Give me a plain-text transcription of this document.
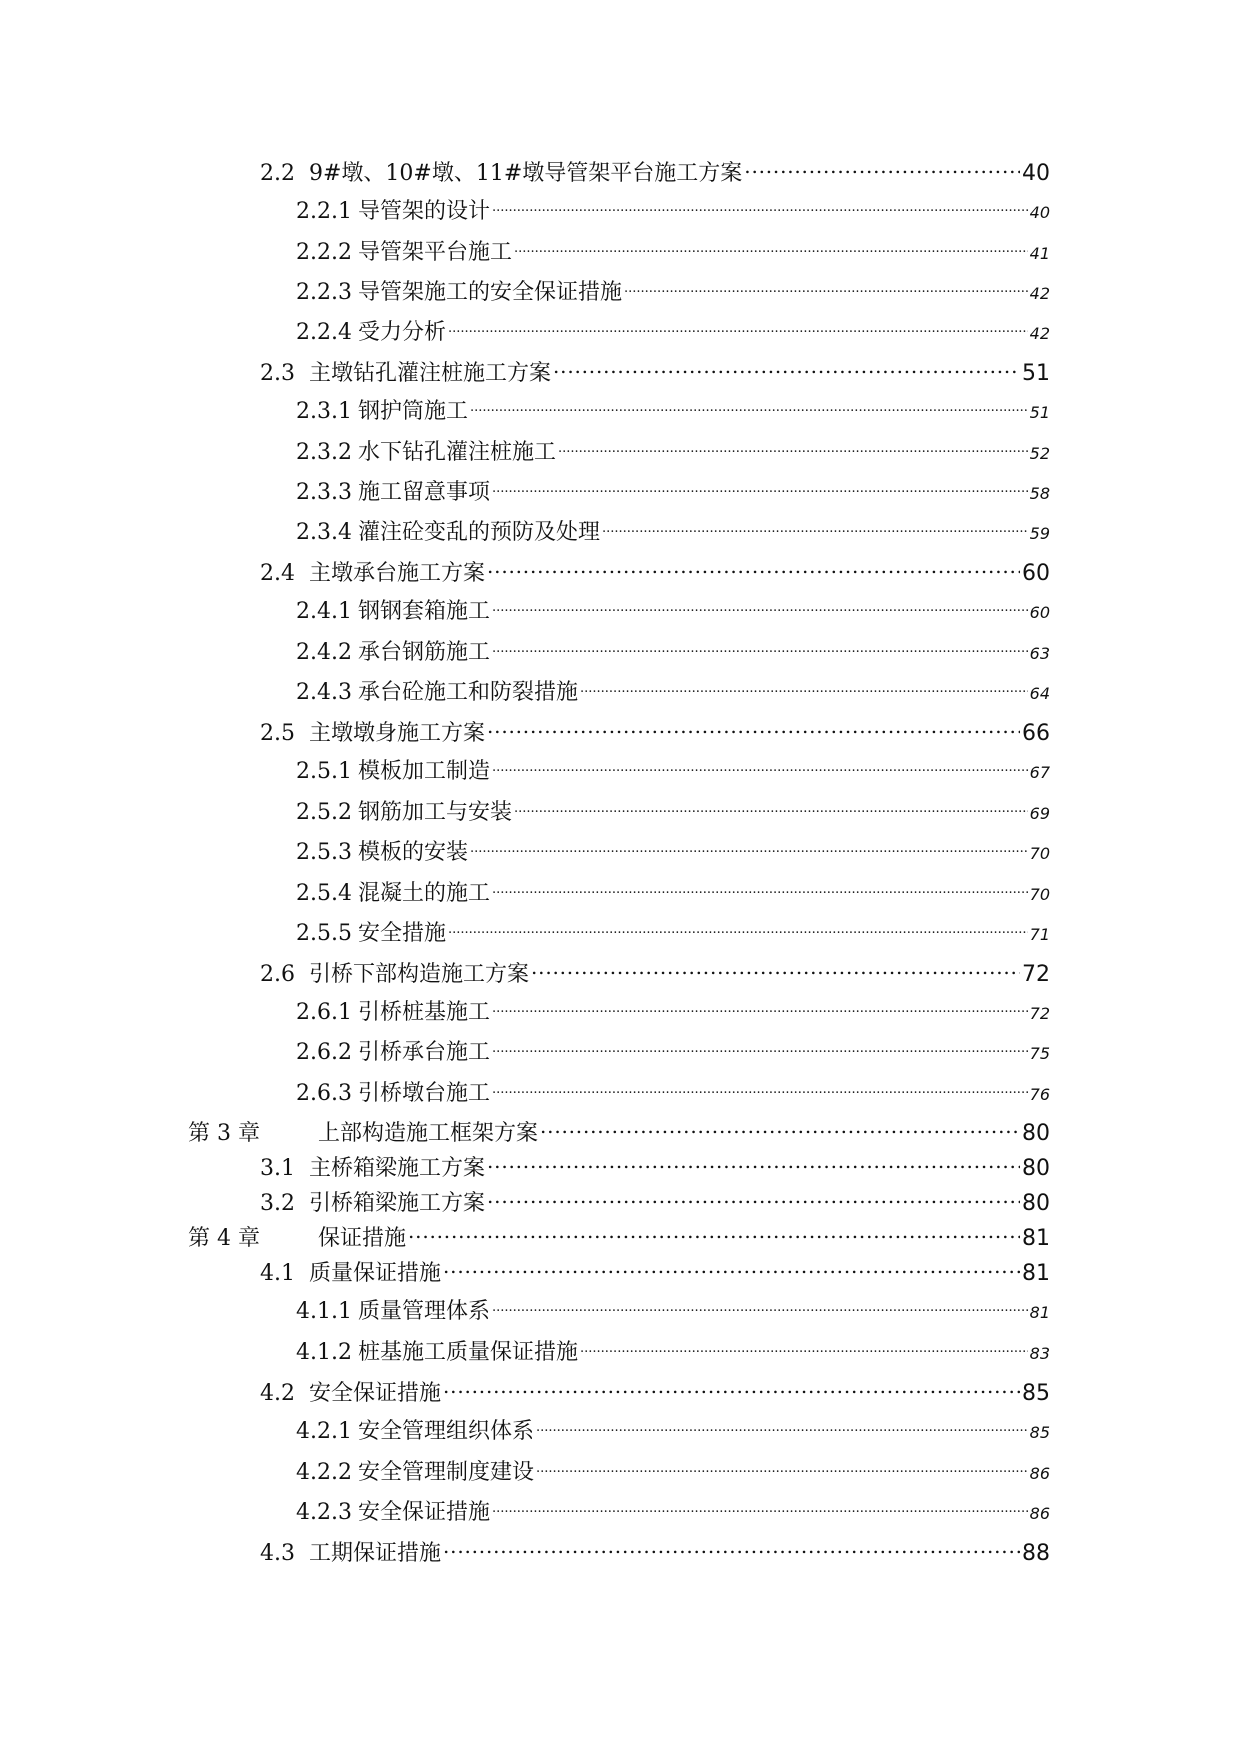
2.2 9#墩、10#墩、11#墩导管架平台施工方案 .....	40
2.2.1 导管架的设计 .....	40
2.2.2 导管架平台施工 .....	41
2.2.3 导管架施工的安全保证措施 .....	42
2.2.4 受力分析 .....	42
2.3 主墩钻孔灌注桩施工方案 .....	51
2.3.1 钢护筒施工 .....	51
2.3.2 水下钻孔灌注桩施工 .....	52
2.3.3 施工留意事项 .....	58
2.3.4 灌注砼变乱的预防及处理 .....	59
2.4 主墩承台施工方案 .....	60
2.4.1 钢钢套箱施工 .....	60
2.4.2 承台钢筋施工 .....	63
2.4.3 承台砼施工和防裂措施 .....	64
2.5 主墩墩身施工方案 .....	66
2.5.1 模板加工制造 .....	67
2.5.2 钢筋加工与安装 .....	69
2.5.3 模板的安装 .....	70
2.5.4 混凝土的施工 .....	70
2.5.5 安全措施 .....	71
2.6 引桥下部构造施工方案 .....	72
2.6.1 引桥桩基施工 .....	72
2.6.2 引桥承台施工 .....	75
2.6.3 引桥墩台施工 .....	76
第 3 章	上部构造施工框架方案 .....	80
3.1 主桥箱梁施工方案 .....	80
3.2 引桥箱梁施工方案 .....	80
第 4 章	保证措施 .....	81
4.1 质量保证措施 .....	81
4.1.1 质量管理体系 .....	81
4.1.2 桩基施工质量保证措施 .....	83
4.2 安全保证措施 .....	85
4.2.1 安全管理组织体系 .....	85
4.2.2 安全管理制度建设 .....	86
4.2.3 安全保证措施 .....	86
4.3 工期保证措施 .....	88
